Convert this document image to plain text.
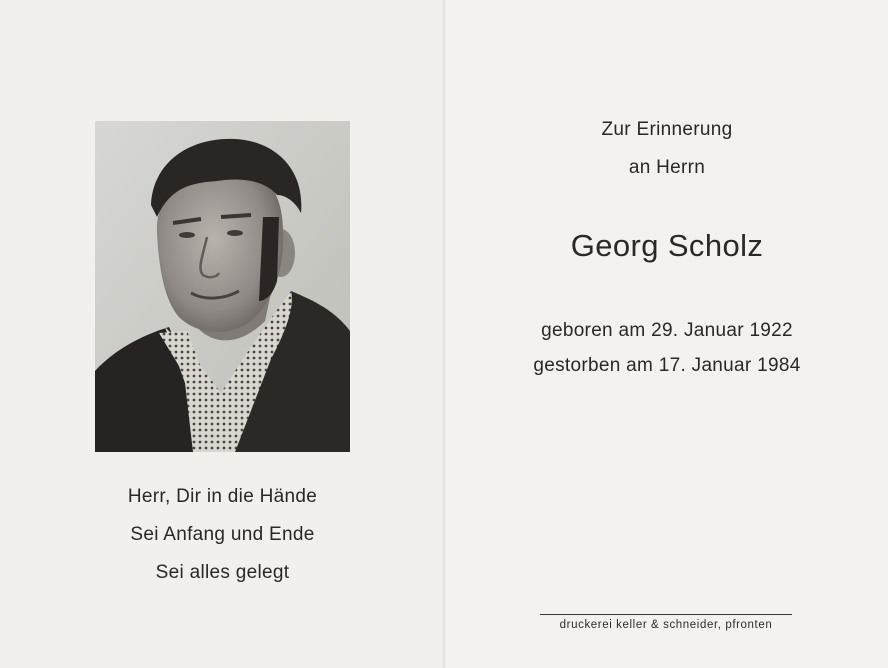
Herr, Dir in die Hände
Sei Anfang und Ende
Sei alles gelegt
Zur Erinnerung
an Herrn
Georg Scholz
geboren am 29. Januar 1922
gestorben am 17. Januar 1984
druckerei keller & schneider, pfronten
